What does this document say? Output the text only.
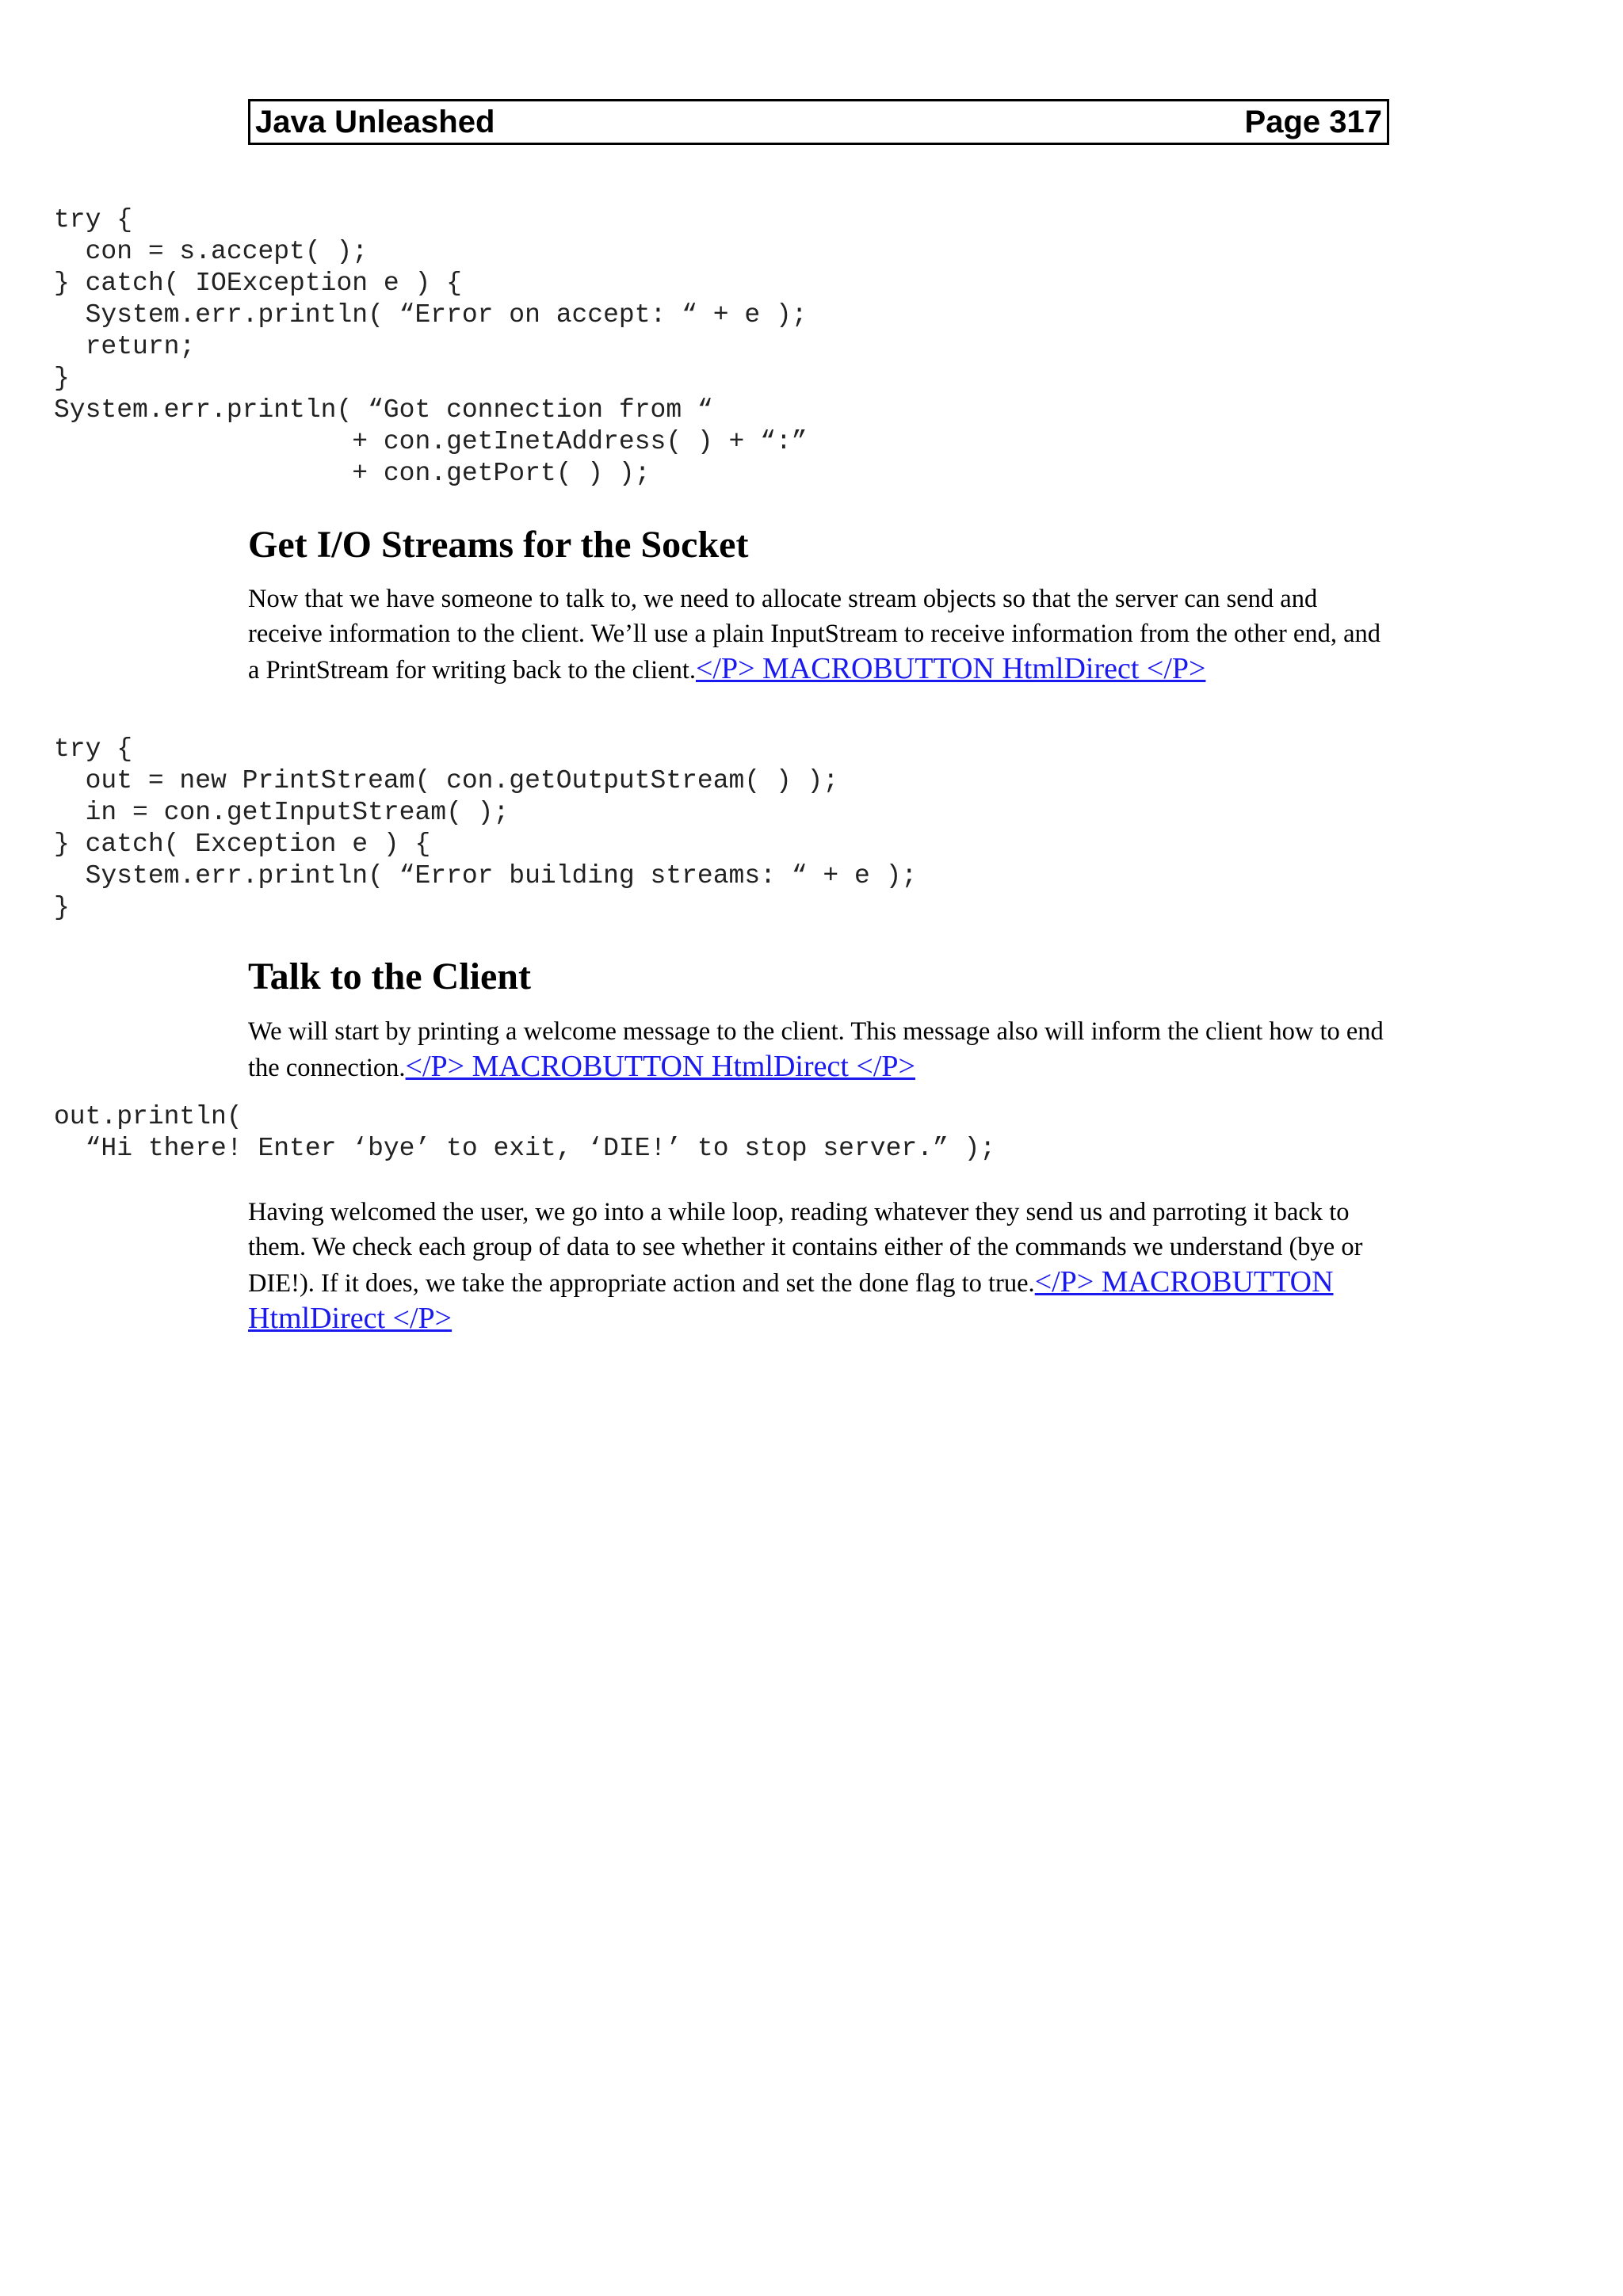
Java Unleashed	Page 317
try {
con = s.accept( );
} catch( IOException e ) {
System.err.println( “Error on accept: “ + e );
return;
}
System.err.println( “Got connection from “
+ con.getInetAddress( ) + “:”
+ con.getPort( ) );
Get I/O Streams for the Socket

Now that we have someone to talk to, we need to allocate stream objects so that the server can send and receive information to the client. We’ll use a plain InputStream to receive information from the other end, and a PrintStream for writing back to the client.</P> MACROBUTTON HtmlDirect </P>

try {
out = new PrintStream( con.getOutputStream( ) );
in = con.getInputStream( );
} catch( Exception e ) {
System.err.println( “Error building streams: “ + e );
}
Talk to the Client

We will start by printing a welcome message to the client. This message also will inform the client how to end the connection.</P> MACROBUTTON HtmlDirect </P>

out.println(
“Hi there! Enter ‘bye’ to exit, ‘DIE!’ to stop server.” );

Having welcomed the user, we go into a while loop, reading whatever they send us and parroting it back to them. We check each group of data to see whether it contains either of the commands we understand (bye or DIE!). If it does, we take the appropriate action and set the done flag to true.</P> MACROBUTTON HtmlDirect </P>
